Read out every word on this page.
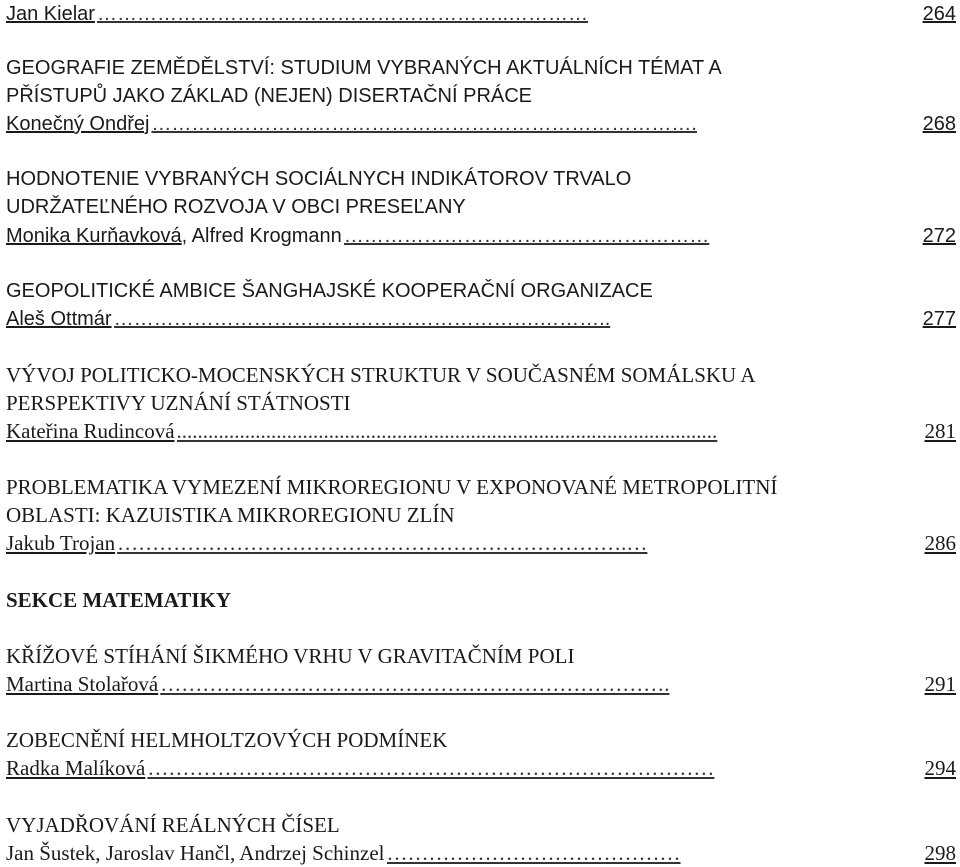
Jan Kielar ……………………………………………………..…………	264
GEOGRAFIE ZEMĚDĚLSTVÍ: STUDIUM VYBRANÝCH AKTUÁLNÍCH TÉMAT A
PŘÍSTUPŮ JAKO ZÁKLAD (NEJEN) DISERTAČNÍ PRÁCE
Konečný Ondřej ……………………………………………………………………….	268
HODNOTENIE VYBRANÝCH SOCIÁLNYCH INDIKÁTOROV TRVALO
UDRŽATEĽNÉHO ROZVOJA V OBCI PRESEĽANY
Monika Kurňavková , Alfred Krogmann ……………………………………….………	272
GEOPOLITICKÉ AMBICE ŠANGHAJSKÉ KOOPERAČNÍ ORGANIZACE
Aleš Ottmár ……………………………………………………….………..	277
VÝVOJ POLITICKO-MOCENSKÝCH STRUKTUR V SOUČASNÉM SOMÁLSKU A
PERSPEKTIVY UZNÁNÍ STÁTNOSTI
Kateřina Rudincová .......................................................................................................	281
PROBLEMATIKA VYMEZENÍ MIKROREGIONU V EXPONOVANÉ METROPOLITNÍ
OBLASTI: KAZUISTIKA MIKROREGIONU ZLÍN
Jakub Trojan ……………………………………………………………….…	286
SEKCE MATEMATIKY
KŘÍŽOVÉ STÍHÁNÍ ŠIKMÉHO VRHU V GRAVITAČNÍM POLI
Martina Stolařová ……………………………………………………………….	291
ZOBECNĚNÍ HELMHOLTZOVÝCH PODMÍNEK
Radka Malíková ………………………………………………………………………	294
VYJADŘOVÁNÍ REÁLNÝCH ČÍSEL
Jan Šustek, Jaroslav Hančl, Andrzej Schinzel ……………………………………	298
